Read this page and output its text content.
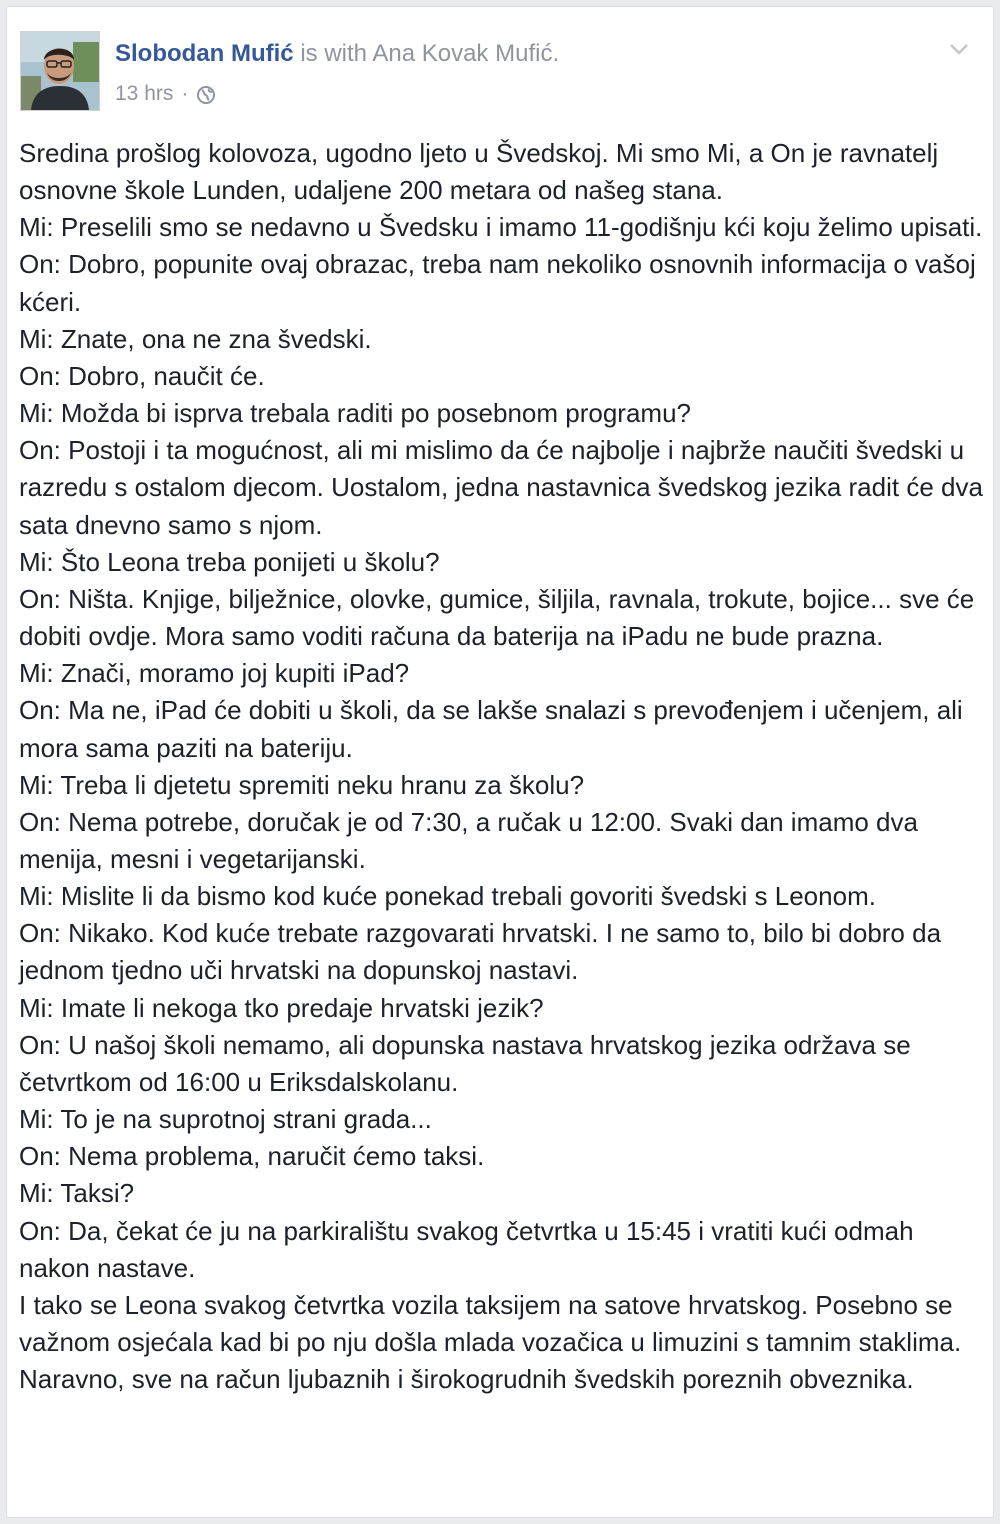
Slobodan Mufić is with Ana Kovak Mufić.
13 hrs ·

Sredina prošlog kolovoza, ugodno ljeto u Švedskoj. Mi smo Mi, a On je ravnatelj osnovne škole Lunden, udaljene 200 metara od našeg stana.

Mi: Preselili smo se nedavno u Švedsku i imamo 11-godišnju kći koju želimo upisati.

On: Dobro, popunite ovaj obrazac, treba nam nekoliko osnovnih informacija o vašoj kćeri.

Mi: Znate, ona ne zna švedski.

On: Dobro, naučit će.

Mi: Možda bi isprva trebala raditi po posebnom programu?

On: Postoji i ta mogućnost, ali mi mislimo da će najbolje i najbrže naučiti švedski u razredu s ostalom djecom. Uostalom, jedna nastavnica švedskog jezika radit će dva sata dnevno samo s njom.

Mi: Što Leona treba ponijeti u školu?

On: Ništa. Knjige, bilježnice, olovke, gumice, šiljila, ravnala, trokute, bojice... sve će dobiti ovdje. Mora samo voditi računa da baterija na iPadu ne bude prazna.

Mi: Znači, moramo joj kupiti iPad?

On: Ma ne, iPad će dobiti u školi, da se lakše snalazi s prevođenjem i učenjem, ali mora sama paziti na bateriju.

Mi: Treba li djetetu spremiti neku hranu za školu?

On: Nema potrebe, doručak je od 7:30, a ručak u 12:00. Svaki dan imamo dva menija, mesni i vegetarijanski.

Mi: Mislite li da bismo kod kuće ponekad trebali govoriti švedski s Leonom.

On: Nikako. Kod kuće trebate razgovarati hrvatski. I ne samo to, bilo bi dobro da jednom tjedno uči hrvatski na dopunskoj nastavi.

Mi: Imate li nekoga tko predaje hrvatski jezik?

On: U našoj školi nemamo, ali dopunska nastava hrvatskog jezika održava se četvrtkom od 16:00 u Eriksdalskolanu.

Mi: To je na suprotnoj strani grada...

On: Nema problema, naručit ćemo taksi.

Mi: Taksi?

On: Da, čekat će ju na parkiralištu svakog četvrtka u 15:45 i vratiti kući odmah nakon nastave.

I tako se Leona svakog četvrtka vozila taksijem na satove hrvatskog. Posebno se važnom osjećala kad bi po nju došla mlada vozačica u limuzini s tamnim staklima. Naravno, sve na račun ljubaznih i širokogrudnih švedskih poreznih obveznika.
